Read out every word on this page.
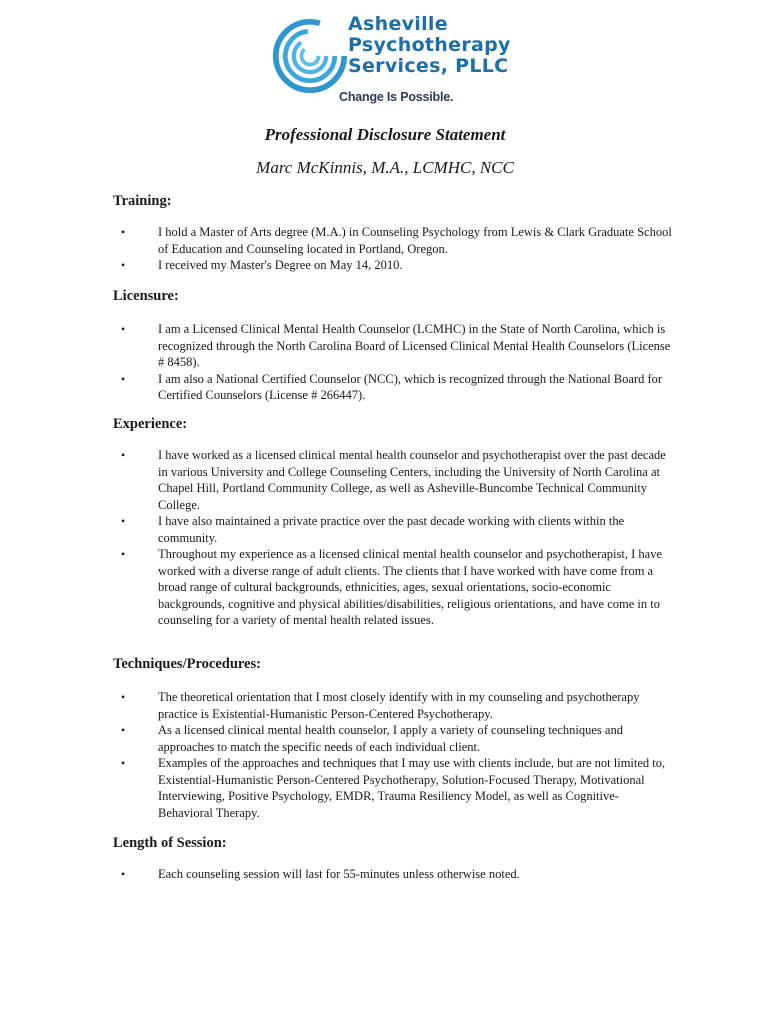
Asheville
Psychotherapy
Services, PLLC
Change Is Possible.
Professional Disclosure Statement
Marc McKinnis, M.A., LCMHC, NCC
Training:
•	I hold a Master of Arts degree (M.A.) in Counseling Psychology from Lewis & Clark Graduate School of Education and Counseling located in Portland, Oregon.
•	I received my Master's Degree on May 14, 2010.
Licensure:
•	I am a Licensed Clinical Mental Health Counselor (LCMHC) in the State of North Carolina, which is recognized through the North Carolina Board of Licensed Clinical Mental Health Counselors (License # 8458).
•	I am also a National Certified Counselor (NCC), which is recognized through the National Board for Certified Counselors (License # 266447).
Experience:
•	I have worked as a licensed clinical mental health counselor and psychotherapist over the past decade in various University and College Counseling Centers, including the University of North Carolina at Chapel Hill, Portland Community College, as well as Asheville-Buncombe Technical Community College.
•	I have also maintained a private practice over the past decade working with clients within the community.
•	Throughout my experience as a licensed clinical mental health counselor and psychotherapist, I have worked with a diverse range of adult clients. The clients that I have worked with have come from a broad range of cultural backgrounds, ethnicities, ages, sexual orientations, socio-economic backgrounds, cognitive and physical abilities/disabilities, religious orientations, and have come in to counseling for a variety of mental health related issues.
Techniques/Procedures:
•	The theoretical orientation that I most closely identify with in my counseling and psychotherapy practice is Existential-Humanistic Person-Centered Psychotherapy.
•	As a licensed clinical mental health counselor, I apply a variety of counseling techniques and approaches to match the specific needs of each individual client.
•	Examples of the approaches and techniques that I may use with clients include, but are not limited to, Existential-Humanistic Person-Centered Psychotherapy, Solution-Focused Therapy, Motivational Interviewing, Positive Psychology, EMDR, Trauma Resiliency Model, as well as Cognitive-Behavioral Therapy.
Length of Session:
•	Each counseling session will last for 55-minutes unless otherwise noted.
